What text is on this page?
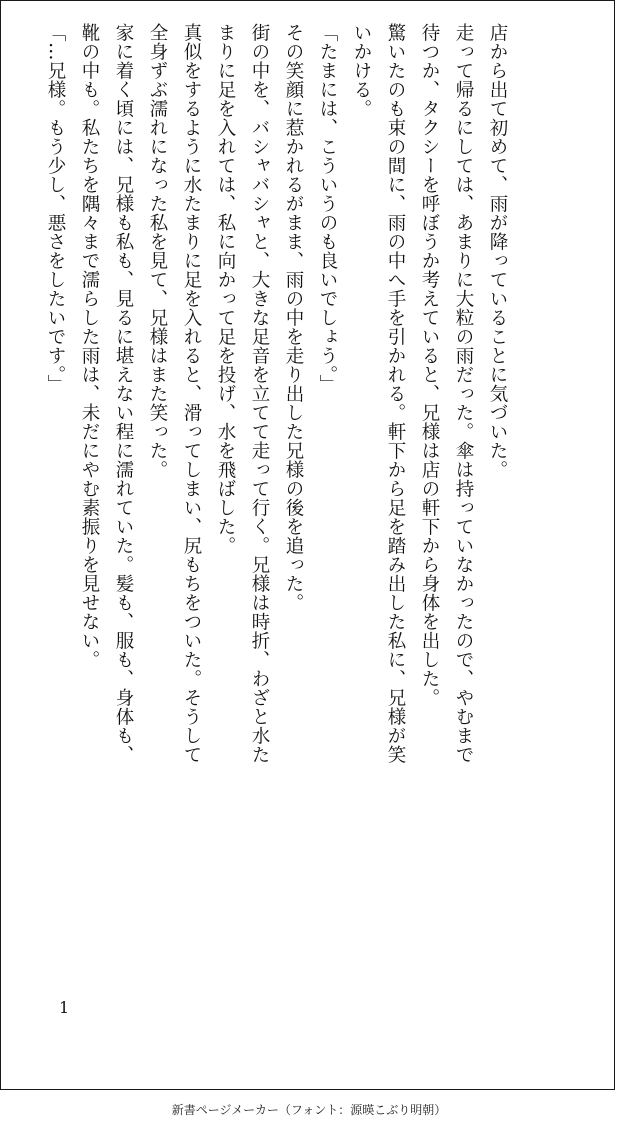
店から出て初めて、雨が降っていることに気づいた。

走って帰るにしては、あまりに大粒の雨だった。傘は持っていなかったので、やむまで

待つか、タクシーを呼ぼうか考えていると、兄様は店の軒下から身体を出した。

驚いたのも束の間に、雨の中へ手を引かれる。軒下から足を踏み出した私に、兄様が笑

いかける。

「たまには、こういうのも良いでしょう。」

その笑顔に惹かれるがまま、雨の中を走り出した兄様の後を追った。

街の中を、バシャバシャと、大きな足音を立てて走って行く。兄様は時折、わざと水た

まりに足を入れては、私に向かって足を投げ、水を飛ばした。

真似をするように水たまりに足を入れると、滑ってしまい、尻もちをついた。そうして

全身ずぶ濡れになった私を見て、兄様はまた笑った。

家に着く頃には、兄様も私も、見るに堪えない程に濡れていた。髪も、服も、身体も、

靴の中も。私たちを隅々まで濡らした雨は、未だにやむ素振りを見せない。

「…兄様。もう少し、悪さをしたいです。」

1
新書ページメーカー（フォント：源暎こぶり明朝）
